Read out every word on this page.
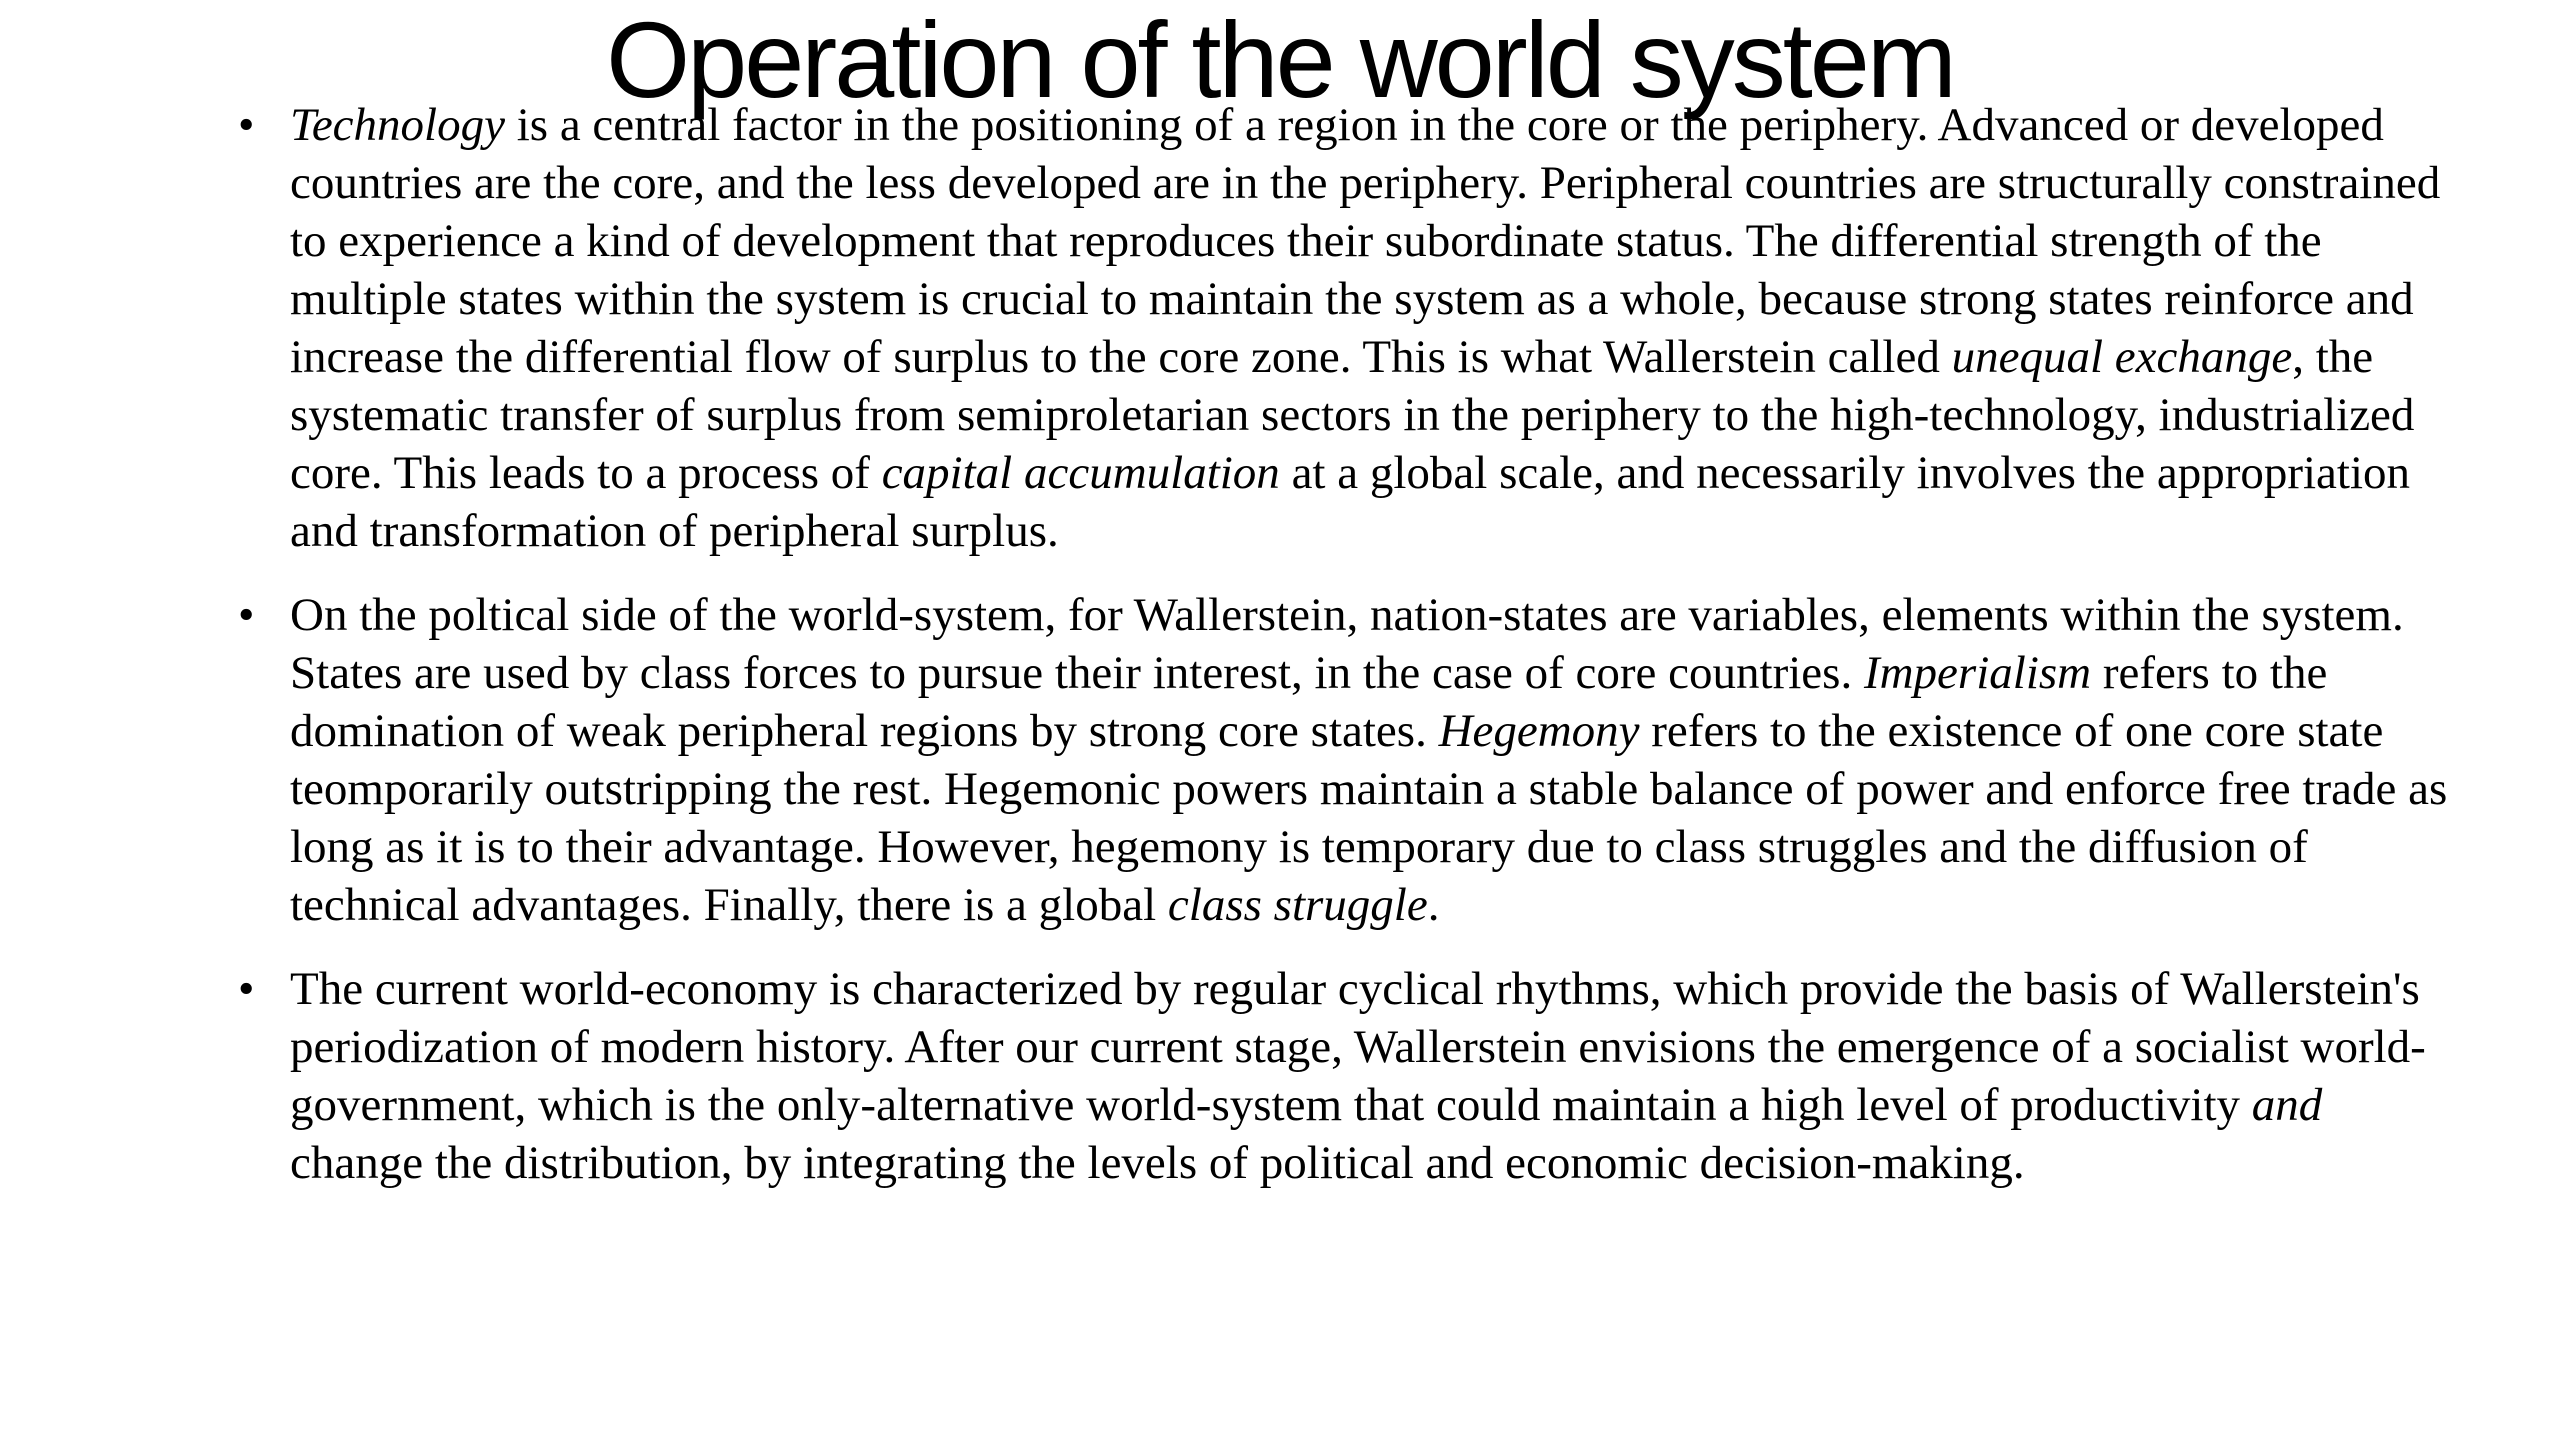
Operation of the world system
• Technology is a central factor in the positioning of a region in the core or the periphery. Advanced or developed countries are the core, and the less developed are in the periphery. Peripheral countries are structurally constrained to experience a kind of development that reproduces their subordinate status. The differential strength of the multiple states within the system is crucial to maintain the system as a whole, because strong states reinforce and increase the differential flow of surplus to the core zone. This is what Wallerstein called unequal exchange, the systematic transfer of surplus from semiproletarian sectors in the periphery to the high-technology, industrialized core. This leads to a process of capital accumulation at a global scale, and necessarily involves the appropriation and transformation of peripheral surplus.
• On the poltical side of the world-system, for Wallerstein, nation-states are variables, elements within the system. States are used by class forces to pursue their interest, in the case of core countries. Imperialism refers to the domination of weak peripheral regions by strong core states. Hegemony refers to the existence of one core state teomporarily outstripping the rest. Hegemonic powers maintain a stable balance of power and enforce free trade as long as it is to their advantage. However, hegemony is temporary due to class struggles and the diffusion of technical advantages. Finally, there is a global class struggle.
• The current world-economy is characterized by regular cyclical rhythms, which provide the basis of Wallerstein's periodization of modern history. After our current stage, Wallerstein envisions the emergence of a socialist world-government, which is the only-alternative world-system that could maintain a high level of productivity and change the distribution, by integrating the levels of political and economic decision-making.
